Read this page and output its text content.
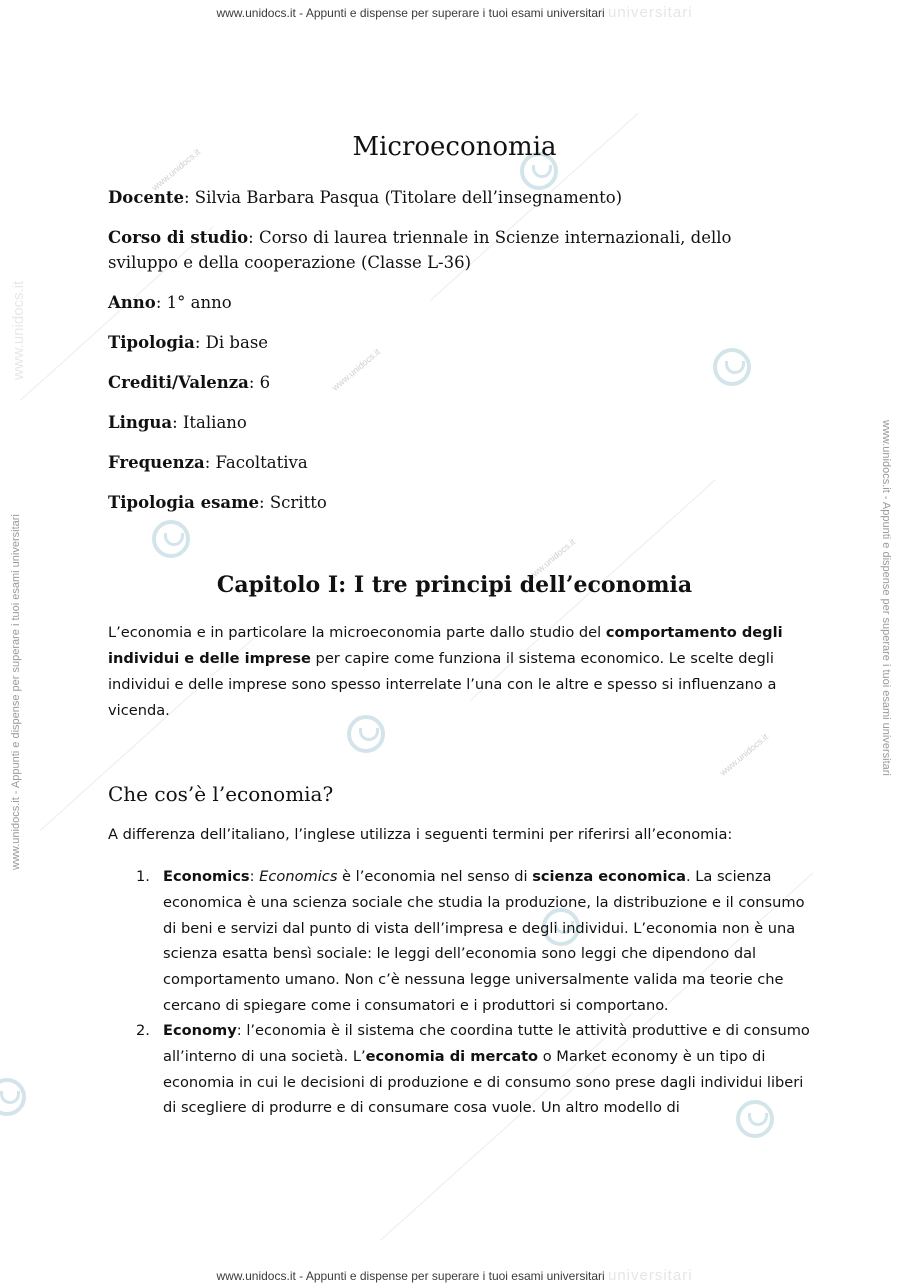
www.unidocs.it
www.unidocs.it
www.unidocs.it
www.unidocs.it
www.unidocs.it - Appunti e dispense per superare i tuoi esami universitari universitari
www.unidocs.it - Appunti e dispense per superare i tuoi esami universitari universitari
www.unidocs.it - Appunti e dispense per superare i tuoi esami universitari	www.unidocs.it - Appunti e dispense per superare i tuoi esami universitari
www.unidocs.it
Microeconomia
Docente: Silvia Barbara Pasqua (Titolare dell’insegnamento)
Corso di studio: Corso di laurea triennale in Scienze internazionali, dello sviluppo e della cooperazione (Classe L-36)
Anno: 1° anno
Tipologia: Di base
Crediti/Valenza: 6
Lingua: Italiano
Frequenza: Facoltativa
Tipologia esame: Scritto
Capitolo I: I tre principi dell’economia

L’economia e in particolare la microeconomia parte dallo studio del comportamento degli individui e delle imprese per capire come funziona il sistema economico. Le scelte degli individui e delle imprese sono spesso interrelate l’una con le altre e spesso si influenzano a vicenda.

Che cos’è l’economia?

A differenza dell’italiano, l’inglese utilizza i seguenti termini per riferirsi all’economia:

1. Economics: Economics è l’economia nel senso di scienza economica. La scienza economica è una scienza sociale che studia la produzione, la distribuzione e il consumo di beni e servizi dal punto di vista dell’impresa e degli individui. L’economia non è una scienza esatta bensì sociale: le leggi dell’economia sono leggi che dipendono dal comportamento umano. Non c’è nessuna legge universalmente valida ma teorie che cercano di spiegare come i consumatori e i produttori si comportano.
2. Economy: l’economia è il sistema che coordina tutte le attività produttive e di consumo all’interno di una società. L’economia di mercato o Market economy è un tipo di economia in cui le decisioni di produzione e di consumo sono prese dagli individui liberi di scegliere di produrre e di consumare cosa vuole. Un altro modello di
